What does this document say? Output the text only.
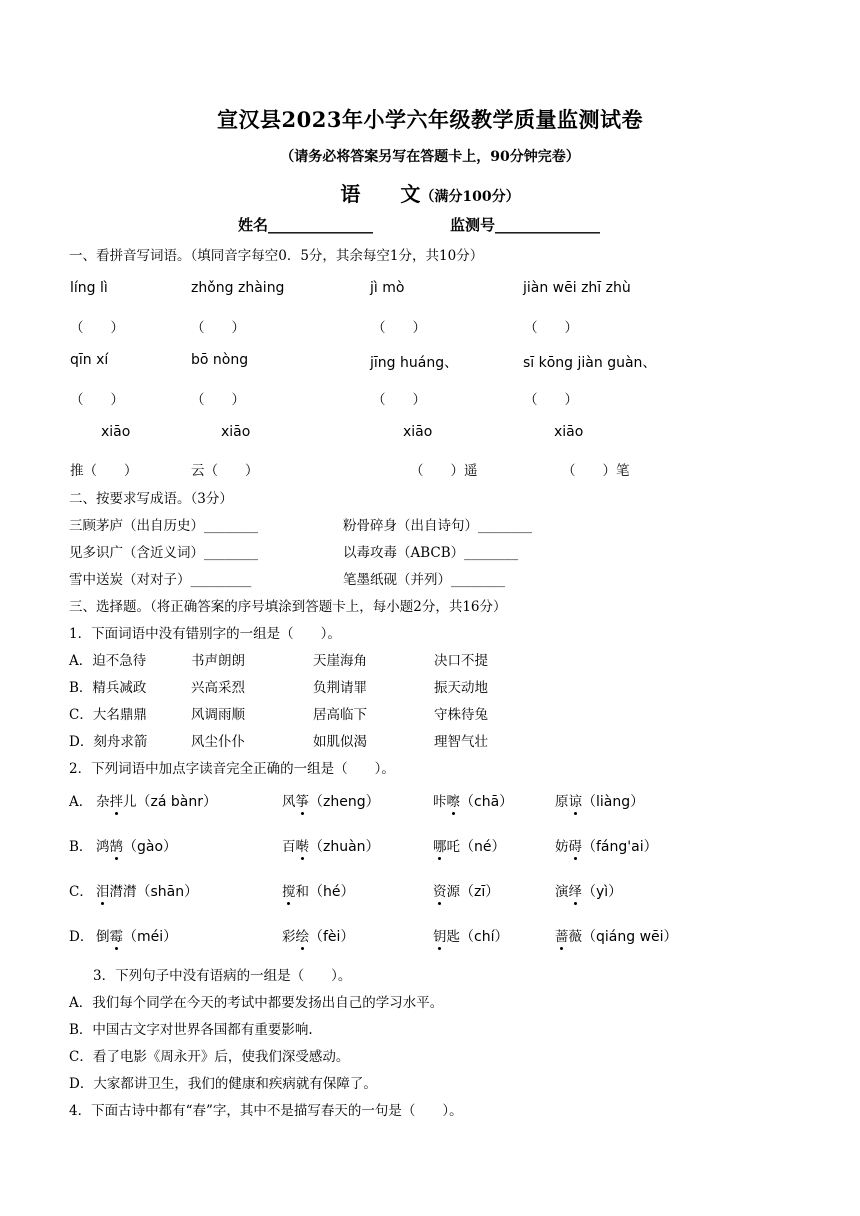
宣汉县2023年小学六年级教学质量监测试卷
（请务必将答案另写在答题卡上，90分钟完卷）
语　　文（满分100分）
姓名______________	监测号______________
一、看拼音写词语。（填同音字每空0．5分，其余每空1分，共10分）
líng lì	zhǒng zhàing	jì mò	jiàn wēi zhī zhù
（　　）	（　　）	（　　）	（　　）
qīn xí	bō nòng	jīng huáng、	sī kōng jiàn guàn、
（　　）	（　　）	（　　）	（　　）
xiāo	xiāo	xiāo	xiāo
推（　　）	云（　　）	（　　）遥	（　　）笔
二、按要求写成语。（3分）
三顾茅庐（出自历史）________	粉骨碎身（出自诗句）________
见多识广（含近义词）________	以毒攻毒（ABCB）________
雪中送炭（对对子）_________	笔墨纸砚（并列）________
三、选择题。（将正确答案的序号填涂到答题卡上，每小题2分，共16分）
1．下面词语中没有错别字的一组是（　　）。
A．迫不急待	书声朗朗	天崖海角	决口不提
B．精兵减政	兴高采烈	负荆请罪	振天动地
C．大名鼎鼎	风调雨顺	居高临下	守株待兔
D．刻舟求箭	风尘仆仆	如肌似渴	理智气壮
2．下列词语中加点字读音完全正确的一组是（　　）。
A． 杂拌儿（zá bànr）	风筝（zheng）	咔嚓（chā）	原谅（liàng）
B． 鸿鹄（gào）	百啭（zhuàn）	哪吒（né）	妨碍（fáng'ai）
C． 泪潸潸（shān）	搅和（hé）	资源（zī）	演绎（yì）
D． 倒霉（méi）	彩绘（fèi）	钥匙（chí）	蔷薇（qiáng wēi）
3．下列句子中没有语病的一组是（　　）。
A．我们每个同学在今天的考试中都要发扬出自己的学习水平。
B．中国古文字对世界各国都有重要影响.
C．看了电影《周永开》后，使我们深受感动。
D．大家都讲卫生，我们的健康和疾病就有保障了。
4．下面古诗中都有“春”字，其中不是描写春天的一句是（　　）。
